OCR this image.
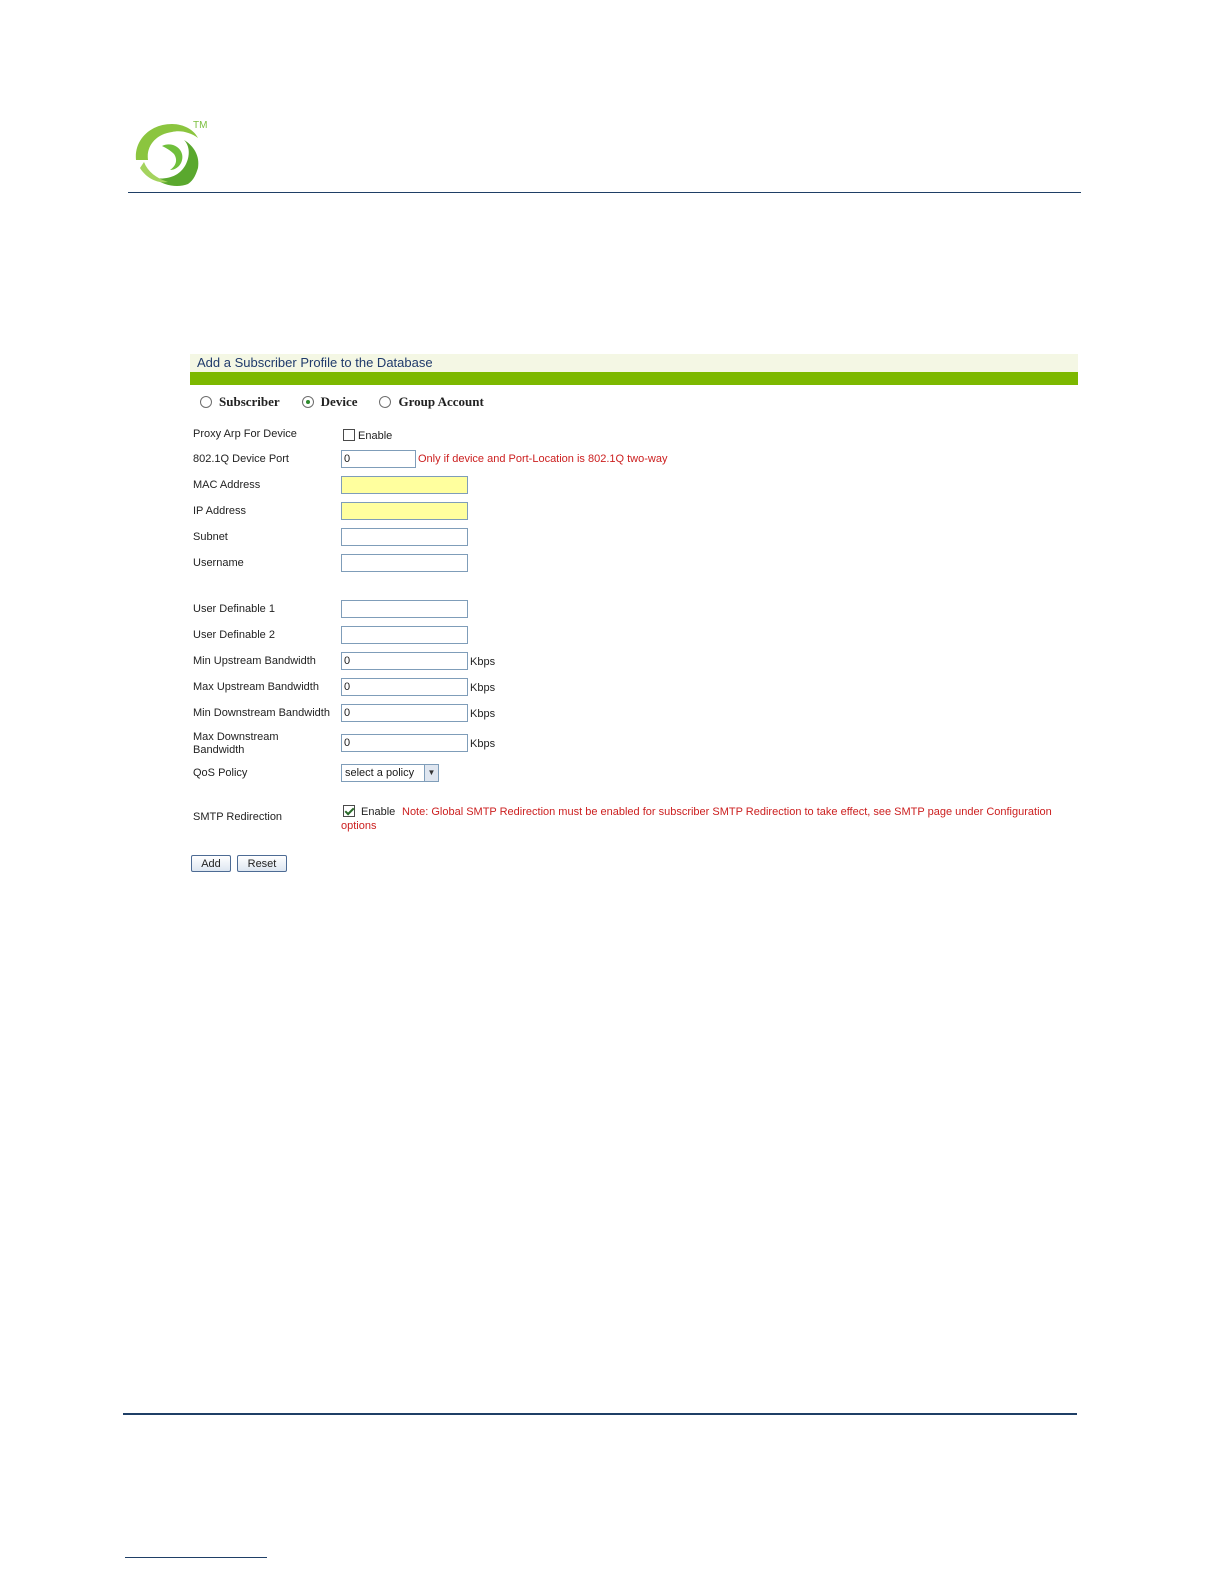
TM
Add a Subscriber Profile to the Database
Subscriber	Device	Group Account
Proxy Arp For Device	Enable
802.1Q Device Port	0	Only if device and Port-Location is 802.1Q two-way
MAC Address
IP Address
Subnet
Username
User Definable 1
User Definable 2
Min Upstream Bandwidth	0	Kbps
Max Upstream Bandwidth 0	Kbps
Min Downstream Bandwidth 0	Kbps
Max Downstream
Bandwidth
0	Kbps
QoS Policy	select a policy	▼
SMTP Redirection	Enable Note: Global SMTP Redirection must be enabled for subscriber SMTP Redirection to take effect, see SMTP page under Configuration
options
Add	Reset
